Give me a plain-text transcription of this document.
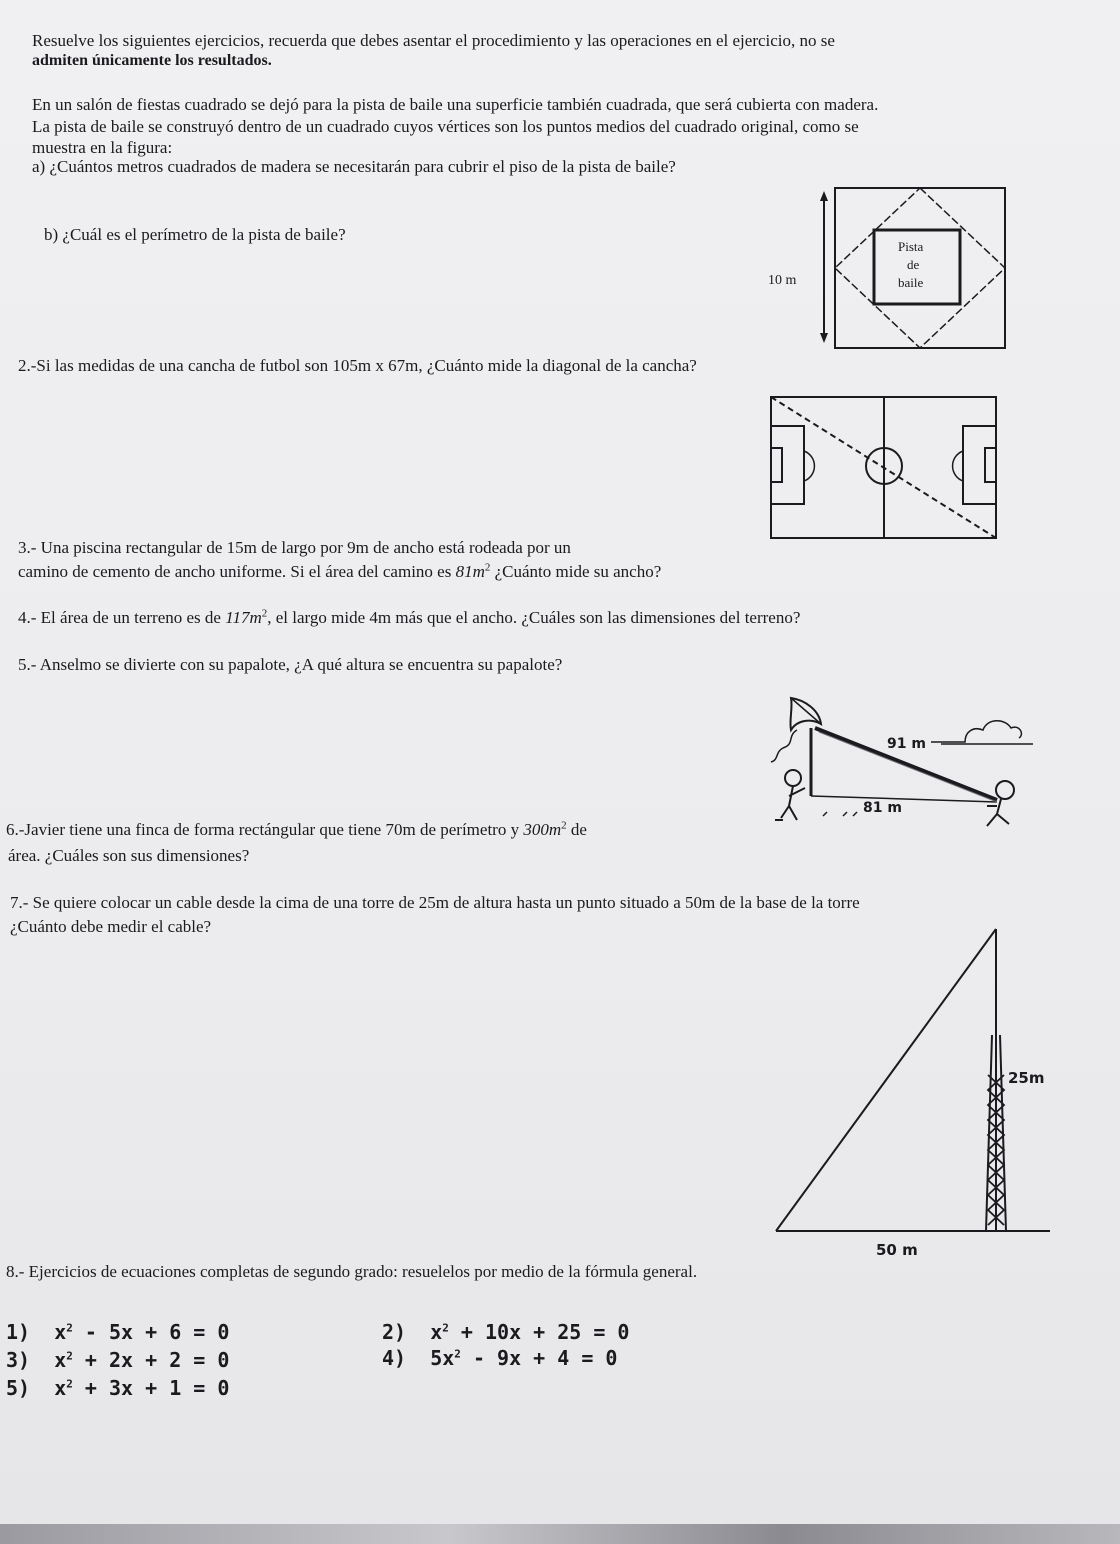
Resuelve los siguientes ejercicios, recuerda que debes asentar el procedimiento y las operaciones en el ejercicio, no se
admiten únicamente los resultados.
En un salón de fiestas cuadrado se dejó para la pista de baile una superficie también cuadrada, que será cubierta con madera.
La pista de baile se construyó dentro de un cuadrado cuyos vértices son los puntos medios del cuadrado original, como se
muestra en la figura:
a) ¿Cuántos metros cuadrados de madera se necesitarán para cubrir el piso de la pista de baile?
b) ¿Cuál es el perímetro de la pista de baile?
10 m
Pista
de
baile
2.-Si las medidas de una cancha de futbol son 105m x 67m, ¿Cuánto mide la diagonal de la cancha?
3.- Una piscina rectangular de 15m de largo por 9m de ancho está rodeada por un
camino de cemento de ancho uniforme. Si el área del camino es $81m^2$ ¿Cuánto mide su ancho?
4.- El área de un terreno es de $117m^2$, el largo mide 4m más que el ancho. ¿Cuáles son las dimensiones del terreno?
5.- Anselmo se divierte con su papalote, ¿A qué altura se encuentra su papalote?
91 m
81 m
6.-Javier tiene una finca de forma rectángular que tiene 70m de perímetro y $300m^2$ de
área. ¿Cuáles son sus dimensiones?
7.- Se quiere colocar un cable desde la cima de una torre de 25m de altura hasta un punto situado a 50m de la base de la torre
¿Cuánto debe medir el cable?
25m
50 m
8.- Ejercicios de ecuaciones completas de segundo grado: resuelelos por medio de la fórmula general.
1) $x^2 - 5x + 6 = 0$	2) $x^2 + 10x + 25 = 0$
3) $x^2 + 2x + 2 = 0$	4) $5x^2 - 9x + 4 = 0$
5) $x^2 + 3x + 1 = 0$
